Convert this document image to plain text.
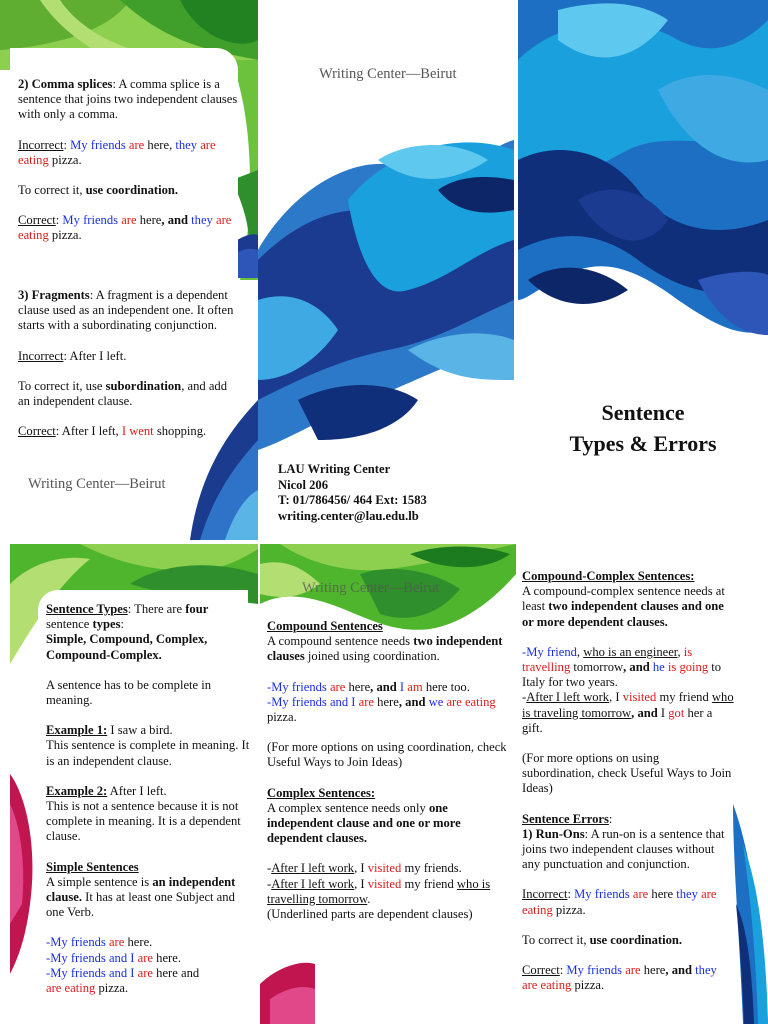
2) Comma splices: A comma splice is a sentence that joins two independent clauses with only a comma.

Incorrect: My friends are here, they are eating pizza.

To correct it, use coordination.

Correct: My friends are here, and they are eating pizza.

3) Fragments: A fragment is a dependent clause used as an independent one. It often starts with a subordinating conjunction.

Incorrect: After I left.

To correct it, use subordination, and add an independent clause.

Correct: After I left, I went shopping.

Writing Center—Beirut
Writing Center—Beirut
LAU Writing Center
Nicol 206
T: 01/786456/ 464 Ext: 1583
writing.center@lau.edu.lb
Sentence
Types & Errors

Sentence Types: There are four sentence types:
Simple, Compound, Complex, Compound-Complex.

A sentence has to be complete in meaning.

Example 1: I saw a bird.
This sentence is complete in meaning. It is an independent clause.

Example 2: After I left.
This is not a sentence because it is not complete in meaning. It is a dependent clause.

Simple Sentences
A simple sentence is an independent clause. It has at least one Subject and one Verb.

-My friends are here.
-My friends and I are here.
-My friends and I are here and
are eating pizza.

Writing Center—Beirut

Compound Sentences
A compound sentence needs two independent clauses joined using coordination.

-My friends are here, and I am here too.
-My friends and I are here, and we are eating pizza.

(For more options on using coordination, check Useful Ways to Join Ideas)

Complex Sentences:
A complex sentence needs only one independent clause and one or more dependent clauses.

-After I left work, I visited my friends.
-After I left work, I visited my friend who is travelling tomorrow.
(Underlined parts are dependent clauses)

Compound-Complex Sentences:
A compound-complex sentence needs at least two independent clauses and one or more dependent clauses.

-My friend, who is an engineer, is travelling tomorrow, and he is going to Italy for two years.
-After I left work, I visited my friend who is traveling tomorrow, and I got her a gift.

(For more options on using subordination, check Useful Ways to Join Ideas)

Sentence Errors:
1) Run-Ons: A run-on is a sentence that joins two independent clauses without any punctuation and conjunction.

Incorrect: My friends are here they are eating pizza.

To correct it, use coordination.

Correct: My friends are here, and they are eating pizza.
